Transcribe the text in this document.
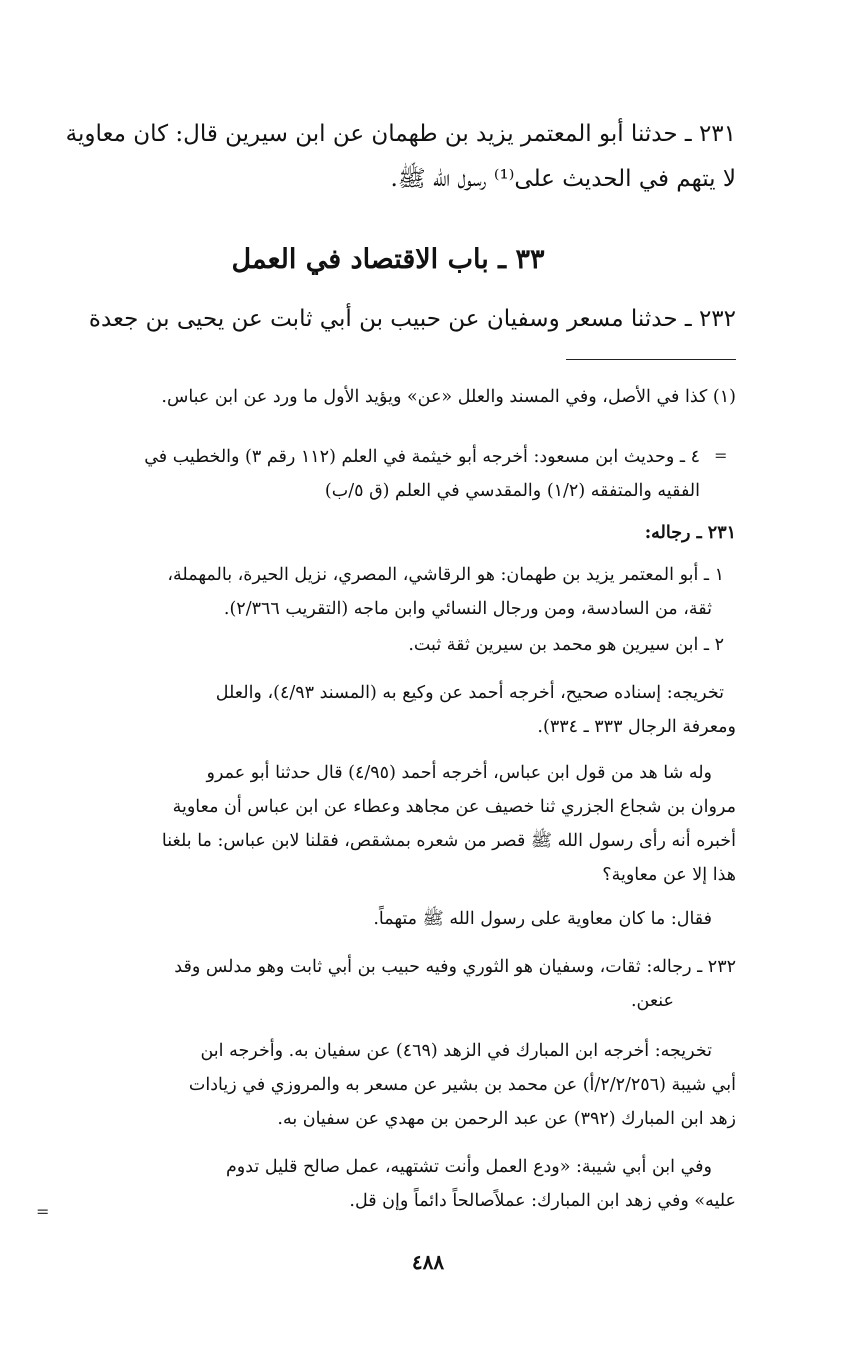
٢٣١ ـ حدثنا أبو المعتمر يزيد بن طهمان عن ابن سيرين قال: كان معاوية
لا يتهم في الحديث على⁽¹⁾ رسول الله ﷺ.
٣٣ ـ باب الاقتصاد في العمل
٢٣٢ ـ حدثنا مسعر وسفيان عن حبيب بن أبي ثابت عن يحيى بن جعدة
(١) كذا في الأصل، وفي المسند والعلل «عن» ويؤيد الأول ما ورد عن ابن عباس.
=
٤ ـ وحديث ابن مسعود: أخرجه أبو خيثمة في العلم (١١٢ رقم ٣) والخطيب في
الفقيه والمتفقه (١/٢) والمقدسي في العلم (ق ٥/ب)
٢٣١ ـ رجاله:
١ ـ أبو المعتمر يزيد بن طهمان: هو الرقاشي، المصري، نزيل الحيرة، بالمهملة،
ثقة، من السادسة، ومن ورجال النسائي وابن ماجه (التقريب ٢/٣٦٦).
٢ ـ ابن سيرين هو محمد بن سيرين ثقة ثبت.
تخريجه: إسناده صحيح، أخرجه أحمد عن وكيع به (المسند ٤/٩٣)، والعلل
ومعرفة الرجال ٣٣٣ ـ ٣٣٤).
وله شا هد من قول ابن عباس، أخرجه أحمد (٤/٩٥) قال حدثنا أبو عمرو
مروان بن شجاع الجزري ثنا خصيف عن مجاهد وعطاء عن ابن عباس أن معاوية
أخبره أنه رأى رسول الله ﷺ قصر من شعره بمشقص، فقلنا لابن عباس: ما بلغنا
هذا إلا عن معاوية؟
فقال: ما كان معاوية على رسول الله ﷺ متهماً.
٢٣٢ ـ رجاله: ثقات، وسفيان هو الثوري وفيه حبيب بن أبي ثابت وهو مدلس وقد
عنعن.
تخريجه: أخرجه ابن المبارك في الزهد (٤٦٩) عن سفيان به. وأخرجه ابن
أبي شيبة (٢/٢/٢٥٦/أ) عن محمد بن بشير عن مسعر به والمروزي في زيادات
زهد ابن المبارك (٣٩٢) عن عبد الرحمن بن مهدي عن سفيان به.
وفي ابن أبي شيبة: «ودع العمل وأنت تشتهيه، عمل صالح قليل تدوم
عليه» وفي زهد ابن المبارك: عملاًصالحاً دائماً وإن قل.
=
٤٨٨
